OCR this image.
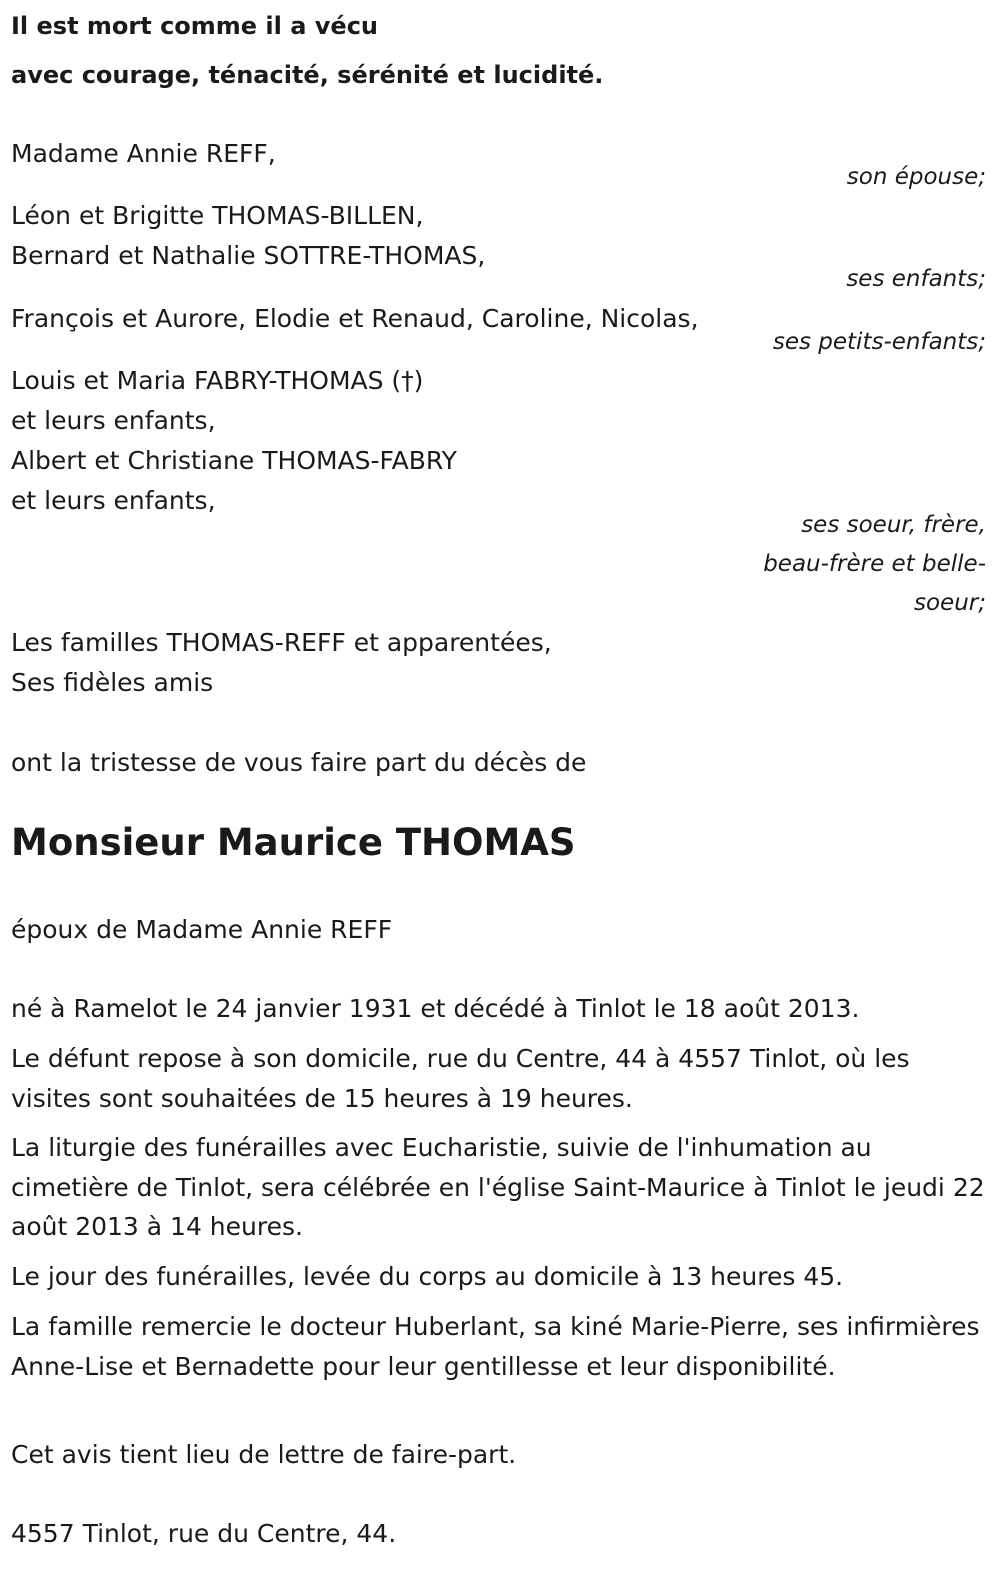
Il est mort comme il a vécu

avec courage, ténacité, sérénité et lucidité.

Madame Annie REFF,

son épouse;

Léon et Brigitte THOMAS-BILLEN,

Bernard et Nathalie SOTTRE-THOMAS,

ses enfants;

François et Aurore, Elodie et Renaud, Caroline, Nicolas,

ses petits-enfants;

Louis et Maria FABRY-THOMAS (†)

et leurs enfants,

Albert et Christiane THOMAS-FABRY

et leurs enfants,

ses soeur, frère,

beau-frère et belle-

soeur;

Les familles THOMAS-REFF et apparentées,

Ses fidèles amis

ont la tristesse de vous faire part du décès de

Monsieur Maurice THOMAS

époux de Madame Annie REFF

né à Ramelot le 24 janvier 1931 et décédé à Tinlot le 18 août 2013.

Le défunt repose à son domicile, rue du Centre, 44 à 4557 Tinlot, où les visites sont souhaitées de 15 heures à 19 heures.

La liturgie des funérailles avec Eucharistie, suivie de l'inhumation au cimetière de Tinlot, sera célébrée en l'église Saint-Maurice à Tinlot le jeudi 22 août 2013 à 14 heures.

Le jour des funérailles, levée du corps au domicile à 13 heures 45.

La famille remercie le docteur Huberlant, sa kiné Marie-Pierre, ses infirmières Anne-Lise et Bernadette pour leur gentillesse et leur disponibilité.

Cet avis tient lieu de lettre de faire-part.

4557 Tinlot, rue du Centre, 44.
